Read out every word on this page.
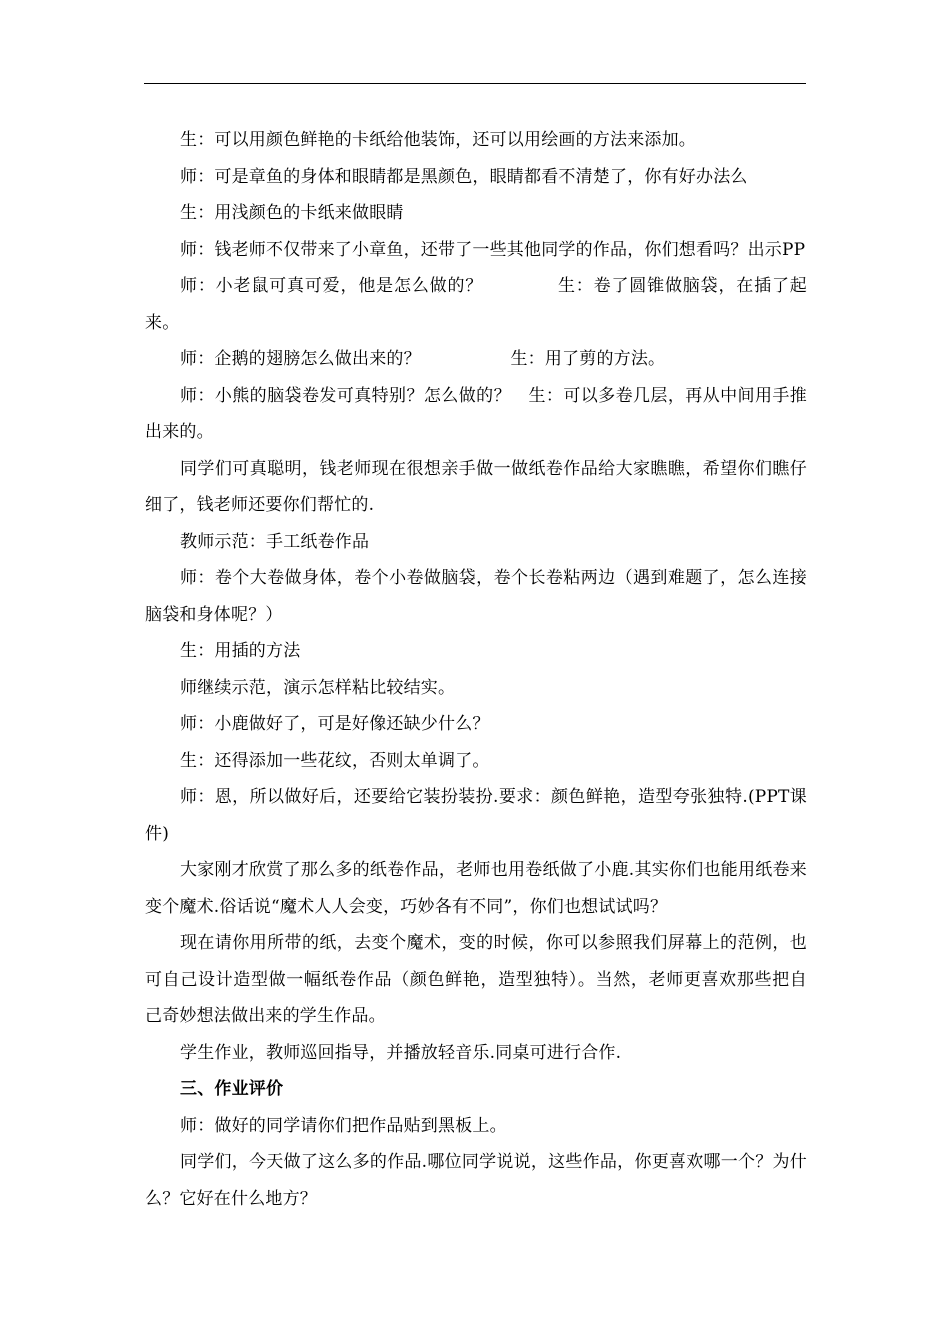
生：可以用颜色鲜艳的卡纸给他装饰，还可以用绘画的方法来添加。

师：可是章鱼的身体和眼睛都是黑颜色，眼睛都看不清楚了，你有好办法么

生：用浅颜色的卡纸来做眼睛

师：钱老师不仅带来了小章鱼，还带了一些其他同学的作品，你们想看吗？出示PP

师：小老鼠可真可爱，他是怎么做的？            生：卷了圆锥做脑袋，在插了起来。

师：企鹅的翅膀怎么做出来的？                生：用了剪的方法。

师：小熊的脑袋卷发可真特别？怎么做的？   生：可以多卷几层，再从中间用手推出来的。

同学们可真聪明，钱老师现在很想亲手做一做纸卷作品给大家瞧瞧，希望你们瞧仔细了，钱老师还要你们帮忙的.

教师示范：手工纸卷作品

师：卷个大卷做身体，卷个小卷做脑袋，卷个长卷粘两边（遇到难题了，怎么连接脑袋和身体呢？）

生：用插的方法

师继续示范，演示怎样粘比较结实。

师：小鹿做好了，可是好像还缺少什么？

生：还得添加一些花纹，否则太单调了。

师：恩，所以做好后，还要给它装扮装扮.要求：颜色鲜艳，造型夸张独特.(PPT课件)

大家刚才欣赏了那么多的纸卷作品，老师也用卷纸做了小鹿.其实你们也能用纸卷来变个魔术.俗话说“魔术人人会变，巧妙各有不同”，你们也想试试吗？

现在请你用所带的纸，去变个魔术，变的时候，你可以参照我们屏幕上的范例，也可自己设计造型做一幅纸卷作品（颜色鲜艳，造型独特）。当然，老师更喜欢那些把自己奇妙想法做出来的学生作品。

学生作业，教师巡回指导，并播放轻音乐.同桌可进行合作.

三、作业评价

师：做好的同学请你们把作品贴到黑板上。

同学们，今天做了这么多的作品.哪位同学说说，这些作品，你更喜欢哪一个？为什么？它好在什么地方？
